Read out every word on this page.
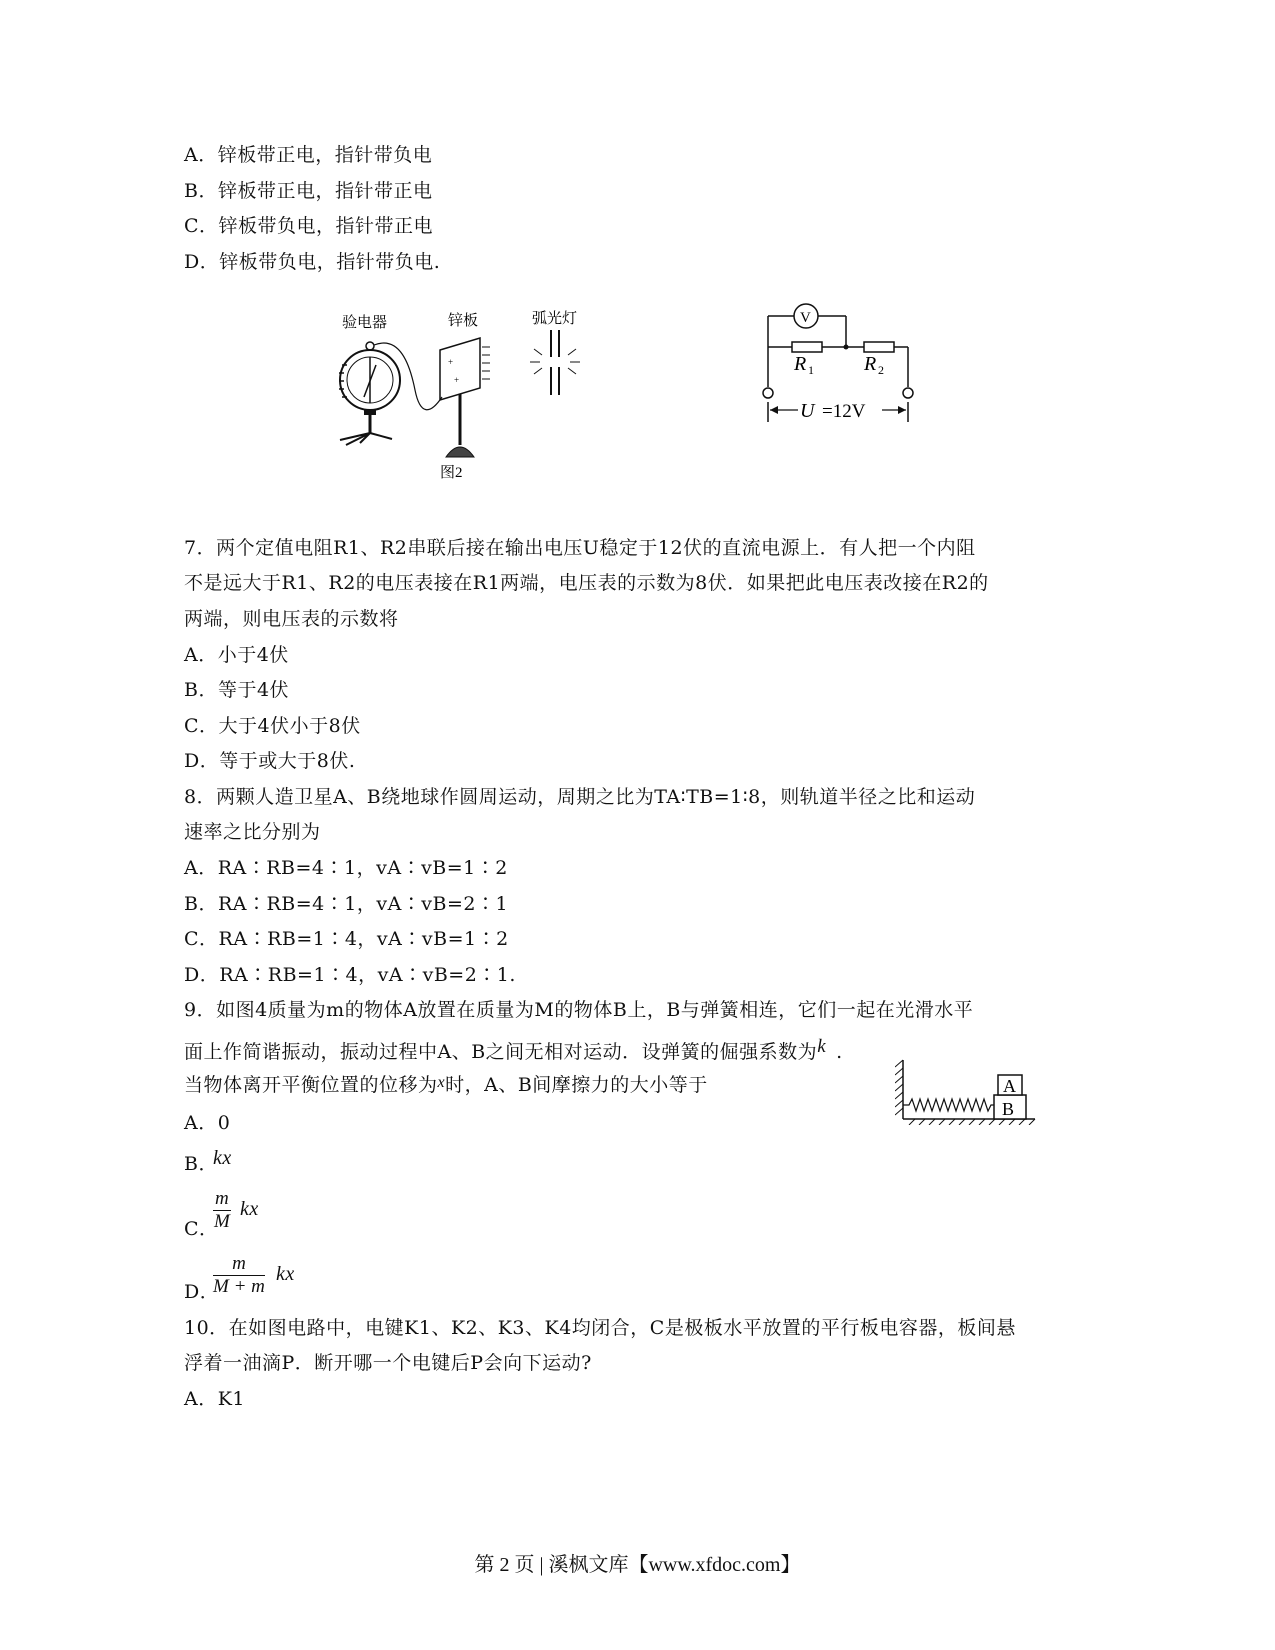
A．锌板带正电，指针带负电
B．锌板带正电，指针带正电
C．锌板带负电，指针带正电
D．锌板带负电，指针带负电.
验电器	锌板	弧光灯
+
+
图2
V
R 1	R 2
U =12V
7．两个定值电阻R1、R2串联后接在输出电压U稳定于12伏的直流电源上．有人把一个内阻
不是远大于R1、R2的电压表接在R1两端，电压表的示数为8伏．如果把此电压表改接在R2的
两端，则电压表的示数将
A．小于4伏
B．等于4伏
C．大于4伏小于8伏
D．等于或大于8伏.
8．两颗人造卫星A、B绕地球作圆周运动，周期之比为TA∶TB=1∶8，则轨道半径之比和运动
速率之比分别为
A．RA∶RB=4∶1，vA∶vB=1∶2
B．RA∶RB=4∶1，vA∶vB=2∶1
C．RA∶RB=1∶4，vA∶vB=1∶2
D．RA∶RB=1∶4，vA∶vB=2∶1.
9．如图4质量为m的物体A放置在质量为M的物体B上，B与弹簧相连，它们一起在光滑水平
面上作简谐振动，振动过程中A、B之间无相对运动．设弹簧的倔强系数为k .
当物体离开平衡位置的位移为$^x$时，A、B间摩擦力的大小等于	A
B
A．0
B．
kx
C．
$\frac{m}{M}$ kx
D．
$\frac{m}{M + m}$ kx
10．在如图电路中，电键K1、K2、K3、K4均闭合，C是极板水平放置的平行板电容器，板间悬
浮着一油滴P．断开哪一个电键后P会向下运动?
A．K1
第 2 页 | 溪枫文库【www.xfdoc.com】
